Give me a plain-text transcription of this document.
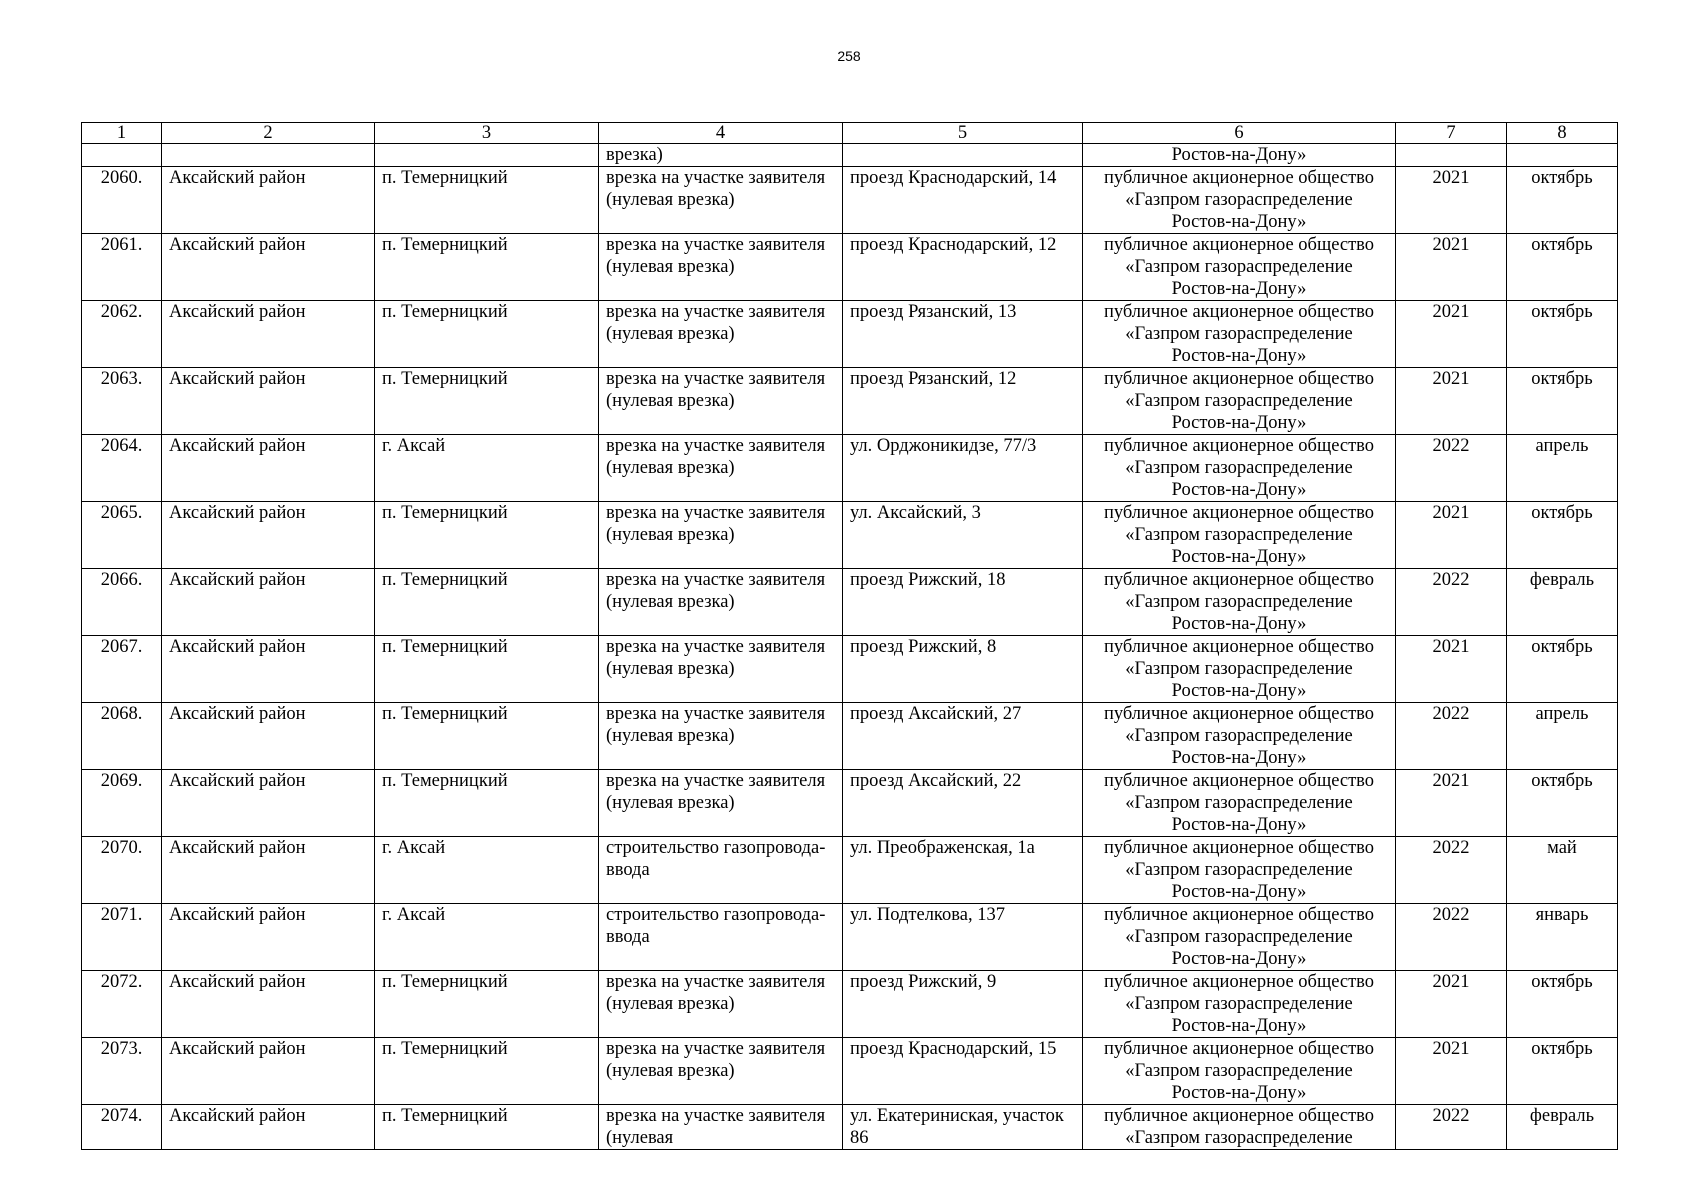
258
1	2	3	4	5	6	7	8
			врезка)		Ростов-на-Дону»		
2060.	Аксайский район	п. Темерницкий	врезка на участке заявителя (нулевая врезка)	проезд Краснодарский, 14	публичное акционерное общество
«Газпром газораспределение
Ростов-на-Дону»	2021	октябрь
2061.	Аксайский район	п. Темерницкий	врезка на участке заявителя (нулевая врезка)	проезд Краснодарский, 12	публичное акционерное общество
«Газпром газораспределение
Ростов-на-Дону»	2021	октябрь
2062.	Аксайский район	п. Темерницкий	врезка на участке заявителя (нулевая врезка)	проезд Рязанский, 13	публичное акционерное общество
«Газпром газораспределение
Ростов-на-Дону»	2021	октябрь
2063.	Аксайский район	п. Темерницкий	врезка на участке заявителя (нулевая врезка)	проезд Рязанский, 12	публичное акционерное общество
«Газпром газораспределение
Ростов-на-Дону»	2021	октябрь
2064.	Аксайский район	г. Аксай	врезка на участке заявителя (нулевая врезка)	ул. Орджоникидзе, 77/3	публичное акционерное общество
«Газпром газораспределение
Ростов-на-Дону»	2022	апрель
2065.	Аксайский район	п. Темерницкий	врезка на участке заявителя (нулевая врезка)	ул. Аксайский, 3	публичное акционерное общество
«Газпром газораспределение
Ростов-на-Дону»	2021	октябрь
2066.	Аксайский район	п. Темерницкий	врезка на участке заявителя (нулевая врезка)	проезд Рижский, 18	публичное акционерное общество
«Газпром газораспределение
Ростов-на-Дону»	2022	февраль
2067.	Аксайский район	п. Темерницкий	врезка на участке заявителя (нулевая врезка)	проезд Рижский, 8	публичное акционерное общество
«Газпром газораспределение
Ростов-на-Дону»	2021	октябрь
2068.	Аксайский район	п. Темерницкий	врезка на участке заявителя (нулевая врезка)	проезд Аксайский, 27	публичное акционерное общество
«Газпром газораспределение
Ростов-на-Дону»	2022	апрель
2069.	Аксайский район	п. Темерницкий	врезка на участке заявителя (нулевая врезка)	проезд Аксайский, 22	публичное акционерное общество
«Газпром газораспределение
Ростов-на-Дону»	2021	октябрь
2070.	Аксайский район	г. Аксай	строительство газопровода-ввода	ул. Преображенская, 1а	публичное акционерное общество
«Газпром газораспределение
Ростов-на-Дону»	2022	май
2071.	Аксайский район	г. Аксай	строительство газопровода-ввода	ул. Подтелкова, 137	публичное акционерное общество
«Газпром газораспределение
Ростов-на-Дону»	2022	январь
2072.	Аксайский район	п. Темерницкий	врезка на участке заявителя (нулевая врезка)	проезд Рижский, 9	публичное акционерное общество
«Газпром газораспределение
Ростов-на-Дону»	2021	октябрь
2073.	Аксайский район	п. Темерницкий	врезка на участке заявителя (нулевая врезка)	проезд Краснодарский, 15	публичное акционерное общество
«Газпром газораспределение
Ростов-на-Дону»	2021	октябрь
2074.	Аксайский район	п. Темерницкий	врезка на участке заявителя (нулевая	ул. Екатериниская, участок 86	публичное акционерное общество
«Газпром газораспределение	2022	февраль
